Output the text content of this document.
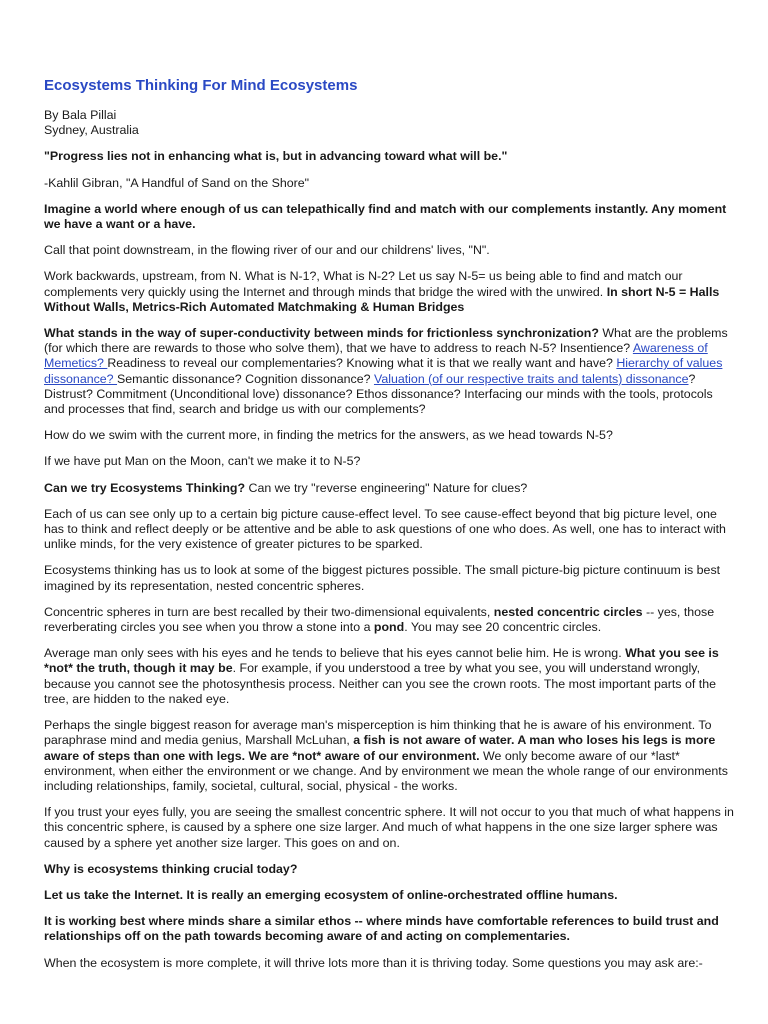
Ecosystems Thinking For Mind Ecosystems

By Bala Pillai
Sydney, Australia

"Progress lies not in enhancing what is, but in advancing toward what will be."

-Kahlil Gibran, "A Handful of Sand on the Shore"

Imagine a world where enough of us can telepathically find and match with our complements instantly. Any moment we have a want or a have.

Call that point downstream, in the flowing river of our and our childrens' lives, "N".

Work backwards, upstream, from N. What is N-1?, What is N-2? Let us say N-5= us being able to find and match our complements very quickly using the Internet and through minds that bridge the wired with the unwired. In short N-5 = Halls Without Walls, Metrics-Rich Automated Matchmaking & Human Bridges

What stands in the way of super-conductivity between minds for frictionless synchronization? What are the problems (for which there are rewards to those who solve them), that we have to address to reach N-5? Insentience? Awareness of Memetics? Readiness to reveal our complementaries? Knowing what it is that we really want and have? Hierarchy of values dissonance? Semantic dissonance? Cognition dissonance? Valuation (of our respective traits and talents) dissonance? Distrust? Commitment (Unconditional love) dissonance? Ethos dissonance? Interfacing our minds with the tools, protocols and processes that find, search and bridge us with our complements?

How do we swim with the current more, in finding the metrics for the answers, as we head towards N-5?

If we have put Man on the Moon, can't we make it to N-5?

Can we try Ecosystems Thinking? Can we try "reverse engineering" Nature for clues?

Each of us can see only up to a certain big picture cause-effect level. To see cause-effect beyond that big picture level, one has to think and reflect deeply or be attentive and be able to ask questions of one who does. As well, one has to interact with unlike minds, for the very existence of greater pictures to be sparked.

Ecosystems thinking has us to look at some of the biggest pictures possible. The small picture-big picture continuum is best imagined by its representation, nested concentric spheres.

Concentric spheres in turn are best recalled by their two-dimensional equivalents, nested concentric circles -- yes, those reverberating circles you see when you throw a stone into a pond. You may see 20 concentric circles.

Average man only sees with his eyes and he tends to believe that his eyes cannot belie him. He is wrong. What you see is *not* the truth, though it may be. For example, if you understood a tree by what you see, you will understand wrongly, because you cannot see the photosynthesis process. Neither can you see the crown roots. The most important parts of the tree, are hidden to the naked eye.

Perhaps the single biggest reason for average man's misperception is him thinking that he is aware of his environment. To paraphrase mind and media genius, Marshall McLuhan, a fish is not aware of water. A man who loses his legs is more aware of steps than one with legs. We are *not* aware of our environment. We only become aware of our *last* environment, when either the environment or we change. And by environment we mean the whole range of our environments including relationships, family, societal, cultural, social, physical - the works.

If you trust your eyes fully, you are seeing the smallest concentric sphere. It will not occur to you that much of what happens in this concentric sphere, is caused by a sphere one size larger. And much of what happens in the one size larger sphere was caused by a sphere yet another size larger. This goes on and on.

Why is ecosystems thinking crucial today?

Let us take the Internet. It is really an emerging ecosystem of online-orchestrated offline humans.

It is working best where minds share a similar ethos -- where minds have comfortable references to build trust and relationships off on the path towards becoming aware of and acting on complementaries.

When the ecosystem is more complete, it will thrive lots more than it is thriving today. Some questions you may ask are:-
